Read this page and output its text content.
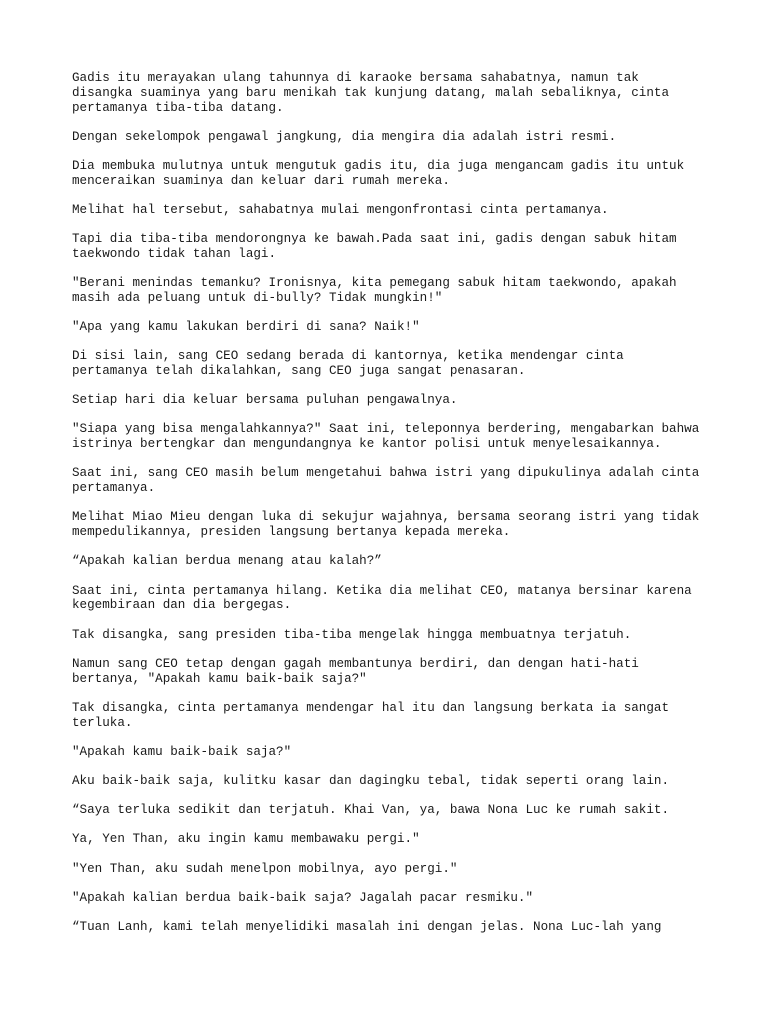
Gadis itu merayakan ulang tahunnya di karaoke bersama sahabatnya, namun tak
disangka suaminya yang baru menikah tak kunjung datang, malah sebaliknya, cinta
pertamanya tiba-tiba datang.

Dengan sekelompok pengawal jangkung, dia mengira dia adalah istri resmi.

Dia membuka mulutnya untuk mengutuk gadis itu, dia juga mengancam gadis itu untuk
menceraikan suaminya dan keluar dari rumah mereka.

Melihat hal tersebut, sahabatnya mulai mengonfrontasi cinta pertamanya.

Tapi dia tiba-tiba mendorongnya ke bawah.Pada saat ini, gadis dengan sabuk hitam
taekwondo tidak tahan lagi.

"Berani menindas temanku? Ironisnya, kita pemegang sabuk hitam taekwondo, apakah
masih ada peluang untuk di-bully? Tidak mungkin!"

"Apa yang kamu lakukan berdiri di sana? Naik!"

Di sisi lain, sang CEO sedang berada di kantornya, ketika mendengar cinta
pertamanya telah dikalahkan, sang CEO juga sangat penasaran.

Setiap hari dia keluar bersama puluhan pengawalnya.

"Siapa yang bisa mengalahkannya?" Saat ini, teleponnya berdering, mengabarkan bahwa
istrinya bertengkar dan mengundangnya ke kantor polisi untuk menyelesaikannya.

Saat ini, sang CEO masih belum mengetahui bahwa istri yang dipukulinya adalah cinta
pertamanya.

Melihat Miao Mieu dengan luka di sekujur wajahnya, bersama seorang istri yang tidak
mempedulikannya, presiden langsung bertanya kepada mereka.

“Apakah kalian berdua menang atau kalah?”

Saat ini, cinta pertamanya hilang. Ketika dia melihat CEO, matanya bersinar karena
kegembiraan dan dia bergegas.

Tak disangka, sang presiden tiba-tiba mengelak hingga membuatnya terjatuh.

Namun sang CEO tetap dengan gagah membantunya berdiri, dan dengan hati-hati
bertanya, "Apakah kamu baik-baik saja?"

Tak disangka, cinta pertamanya mendengar hal itu dan langsung berkata ia sangat
terluka.

"Apakah kamu baik-baik saja?"

Aku baik-baik saja, kulitku kasar dan dagingku tebal, tidak seperti orang lain.

“Saya terluka sedikit dan terjatuh. Khai Van, ya, bawa Nona Luc ke rumah sakit.

Ya, Yen Than, aku ingin kamu membawaku pergi."

"Yen Than, aku sudah menelpon mobilnya, ayo pergi."

"Apakah kalian berdua baik-baik saja? Jagalah pacar resmiku."

“Tuan Lanh, kami telah menyelidiki masalah ini dengan jelas. Nona Luc-lah yang
